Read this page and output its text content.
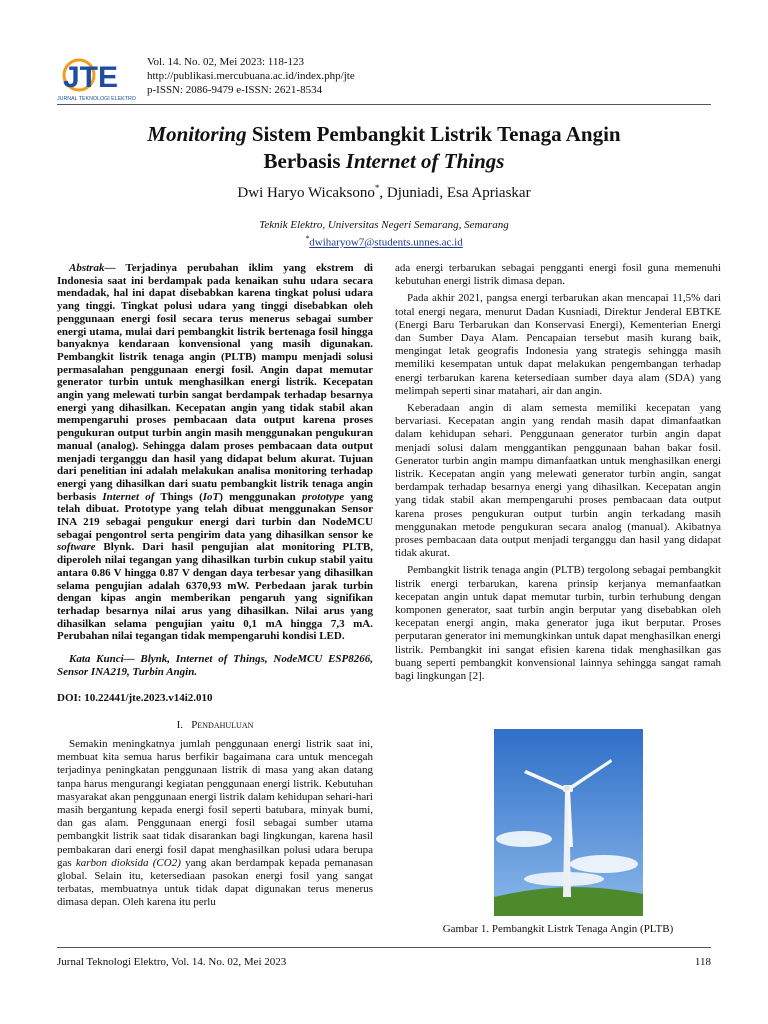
JTE
JURNAL TEKNOLOGI ELEKTRO
Vol. 14. No. 02, Mei 2023: 118-123
http://publikasi.mercubuana.ac.id/index.php/jte
p-ISSN: 2086-9479 e-ISSN: 2621-8534
Monitoring Sistem Pembangkit Listrik Tenaga Angin
Berbasis Internet of Things
Dwi Haryo Wicaksono*, Djuniadi, Esa Apriaskar
Teknik Elektro, Universitas Negeri Semarang, Semarang
*dwiharyow7@students.unnes.ac.id

Abstrak— Terjadinya perubahan iklim yang ekstrem di Indonesia saat ini berdampak pada kenaikan suhu udara secara mendadak, hal ini dapat disebabkan karena tingkat polusi udara yang tinggi. Tingkat polusi udara yang tinggi disebabkan oleh penggunaan energi fosil secara terus menerus sebagai sumber energi utama, mulai dari pembangkit listrik bertenaga fosil hingga banyaknya kendaraan konvensional yang masih digunakan. Pembangkit listrik tenaga angin (PLTB) mampu menjadi solusi permasalahan penggunaan energi fosil. Angin dapat memutar generator turbin untuk menghasilkan energi listrik. Kecepatan angin yang melewati turbin sangat berdampak terhadap besarnya energi yang dihasilkan. Kecepatan angin yang tidak stabil akan mempengaruhi proses pembacaan data output karena proses pengukuran output turbin angin masih menggunakan pengukuran manual (analog). Sehingga dalam proses pembacaan data output menjadi terganggu dan hasil yang didapat belum akurat. Tujuan dari penelitian ini adalah melakukan analisa monitoring terhadap energi yang dihasilkan dari suatu pembangkit listrik tenaga angin berbasis Internet of Things (IoT) menggunakan prototype yang telah dibuat. Prototype yang telah dibuat menggunakan Sensor INA 219 sebagai pengukur energi dari turbin dan NodeMCU sebagai pengontrol serta pengirim data yang dihasilkan sensor ke software Blynk. Dari hasil pengujian alat monitoring PLTB, diperoleh nilai tegangan yang dihasilkan turbin cukup stabil yaitu antara 0.86 V hingga 0.87 V dengan daya terbesar yang dihasilkan selama pengujian adalah 6370,93 mW. Perbedaan jarak turbin dengan kipas angin memberikan pengaruh yang signifikan terhadap besarnya nilai arus yang dihasilkan. Nilai arus yang dihasilkan selama pengujian yaitu 0,1 mA hingga 7,3 mA. Perubahan nilai tegangan tidak mempengaruhi kondisi LED.

Kata Kunci— Blynk, Internet of Things, NodeMCU ESP8266, Sensor INA219, Turbin Angin.

DOI: 10.22441/jte.2023.v14i2.010

I. Pendahuluan

Semakin meningkatnya jumlah penggunaan energi listrik saat ini, membuat kita semua harus berfikir bagaimana cara untuk mencegah terjadinya peningkatan penggunaan listrik di masa yang akan datang tanpa harus mengurangi kegiatan penggunaan energi listrik. Kebutuhan masyarakat akan penggunaan energi listrik dalam kehidupan sehari-hari masih bergantung kepada energi fosil seperti batubara, minyak bumi, dan gas alam. Penggunaan energi fosil sebagai sumber utama pembangkit listrik saat tidak disarankan bagi lingkungan, karena hasil pembakaran dari energi fosil dapat menghasilkan polusi udara berupa gas karbon dioksida (CO2) yang akan berdampak kepada pemanasan global. Selain itu, ketersediaan pasokan energi fosil yang sangat terbatas, membuatnya untuk tidak dapat digunakan terus menerus dimasa depan. Oleh karena itu perlu

ada energi terbarukan sebagai pengganti energi fosil guna memenuhi kebutuhan energi listrik dimasa depan.

Pada akhir 2021, pangsa energi terbarukan akan mencapai 11,5% dari total energi negara, menurut Dadan Kusniadi, Direktur Jenderal EBTKE (Energi Baru Terbarukan dan Konservasi Energi), Kementerian Energi dan Sumber Daya Alam. Pencapaian tersebut masih kurang baik, mengingat letak geografis Indonesia yang strategis sehingga masih memiliki kesempatan untuk dapat melakukan pengembangan terhadap energi terbarukan karena ketersediaan sumber daya alam (SDA) yang melimpah seperti sinar matahari, air dan angin.

Keberadaan angin di alam semesta memiliki kecepatan yang bervariasi. Kecepatan angin yang rendah masih dapat dimanfaatkan dalam kehidupan sehari. Penggunaan generator turbin angin dapat menjadi solusi dalam menggantikan penggunaan bahan bakar fosil. Generator turbin angin mampu dimanfaatkan untuk menghasilkan energi listrik. Kecepatan angin yang melewati generator turbin angin, sangat berdampak terhadap besarnya energi yang dihasilkan. Kecepatan angin yang tidak stabil akan mempengaruhi proses pembacaan data output karena proses pengukuran output turbin angin terkadang masih menggunakan metode pengukuran secara analog (manual). Akibatnya proses pembacaan data output menjadi terganggu dan hasil yang didapat tidak akurat.

Pembangkit listrik tenaga angin (PLTB) tergolong sebagai pembangkit listrik energi terbarukan, karena prinsip kerjanya memanfaatkan kecepatan angin untuk dapat memutar turbin, turbin terhubung dengan komponen generator, saat turbin angin berputar yang disebabkan oleh kecepatan energi angin, maka generator juga ikut berputar. Proses perputaran generator ini memungkinkan untuk dapat menghasilkan energi listrik. Pembangkit ini sangat efisien karena tidak menghasilkan gas buang seperti pembangkit konvensional lainnya sehingga sangat ramah bagi lingkungan [2].

Gambar 1. Pembangkit Listrk Tenaga Angin (PLTB)
Jurnal Teknologi Elektro, Vol. 14. No. 02, Mei 2023	118
